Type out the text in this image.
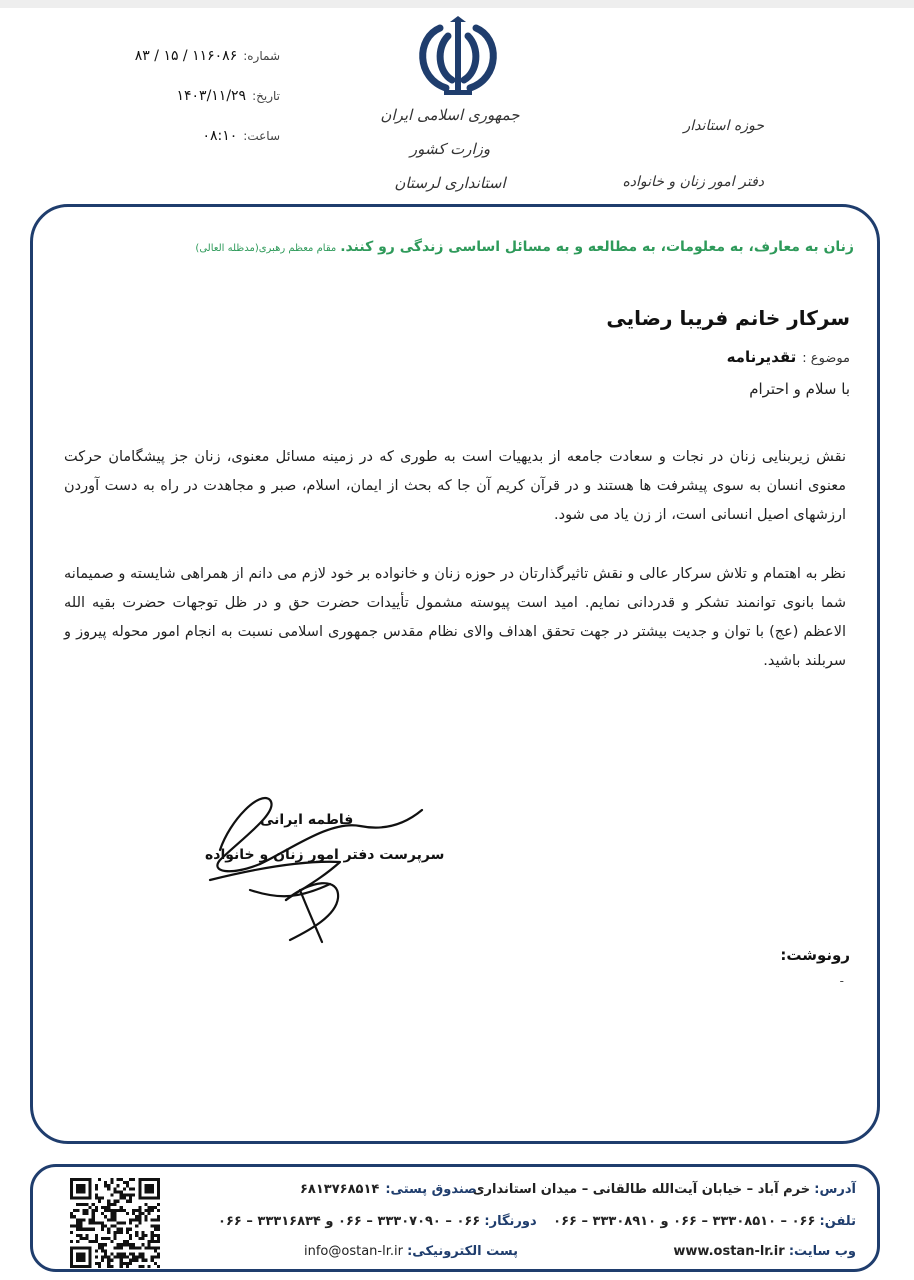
شماره:
۸۳ / ۱۵ / ۱۱۶۰۸۶
تاریخ:
۱۴۰۳/۱۱/۲۹
ساعت:
۰۸:۱۰
جمهوری اسلامی ایران
وزارت کشور
استانداری لرستان
حوزه استاندار
دفتر امور زنان و خانواده
زنان به معارف، به معلومات، به مطالعه و به مسائل اساسی زندگی رو کنند.مقام معظم رهبری(مدظله العالی)
سرکار خانم فریبا رضایی
موضوع :تقدیرنامه
با سلام و احترام
نقش زیربنایی زنان در نجات و سعادت جامعه از بدیهیات است به طوری که در زمینه مسائل معنوی، زنان جز پیشگامان حرکت معنوی انسان به سوی پیشرفت ها هستند و در قرآن کریم آن جا که بحث از ایمان، اسلام، صبر و مجاهدت در راه به دست آوردن ارزشهای اصیل انسانی است، از زن یاد می شود.
نظر به اهتمام و تلاش سرکار عالی و نقش تاثیرگذارتان در حوزه زنان و خانواده بر خود لازم می دانم از همراهی شایسته و صمیمانه شما بانوی توانمند تشکر و قدردانی نمایم. امید است پیوسته مشمول تأییدات حضرت حق و در ظل توجهات حضرت بقیه الله الاعظم (عج) با توان و جدیت بیشتر در جهت تحقق اهداف والای نظام مقدس جمهوری اسلامی نسبت به انجام امور محوله پیروز و سربلند باشید.
فاطمه ایرانی
سرپرست دفتر امور زنان و خانواده
رونوشت:
-
آدرس: خرم آباد – خیابان آیت‌الله طالقانی – میدان استانداری
صندوق پستی:۶۸۱۳۷۶۸۵۱۴
تلفن: ۰۶۶ – ۳۳۳۰۸۵۱۰ – ۰۶۶ و ۳۳۳۰۸۹۱۰ – ۰۶۶    دورنگار: ۰۶۶ – ۳۳۳۰۷۰۹۰ – ۰۶۶ و ۳۳۳۱۶۸۳۴ – ۰۶۶
وب سایت: www.ostan-lr.ir
پست الکترونیکی: info@ostan-lr.ir
